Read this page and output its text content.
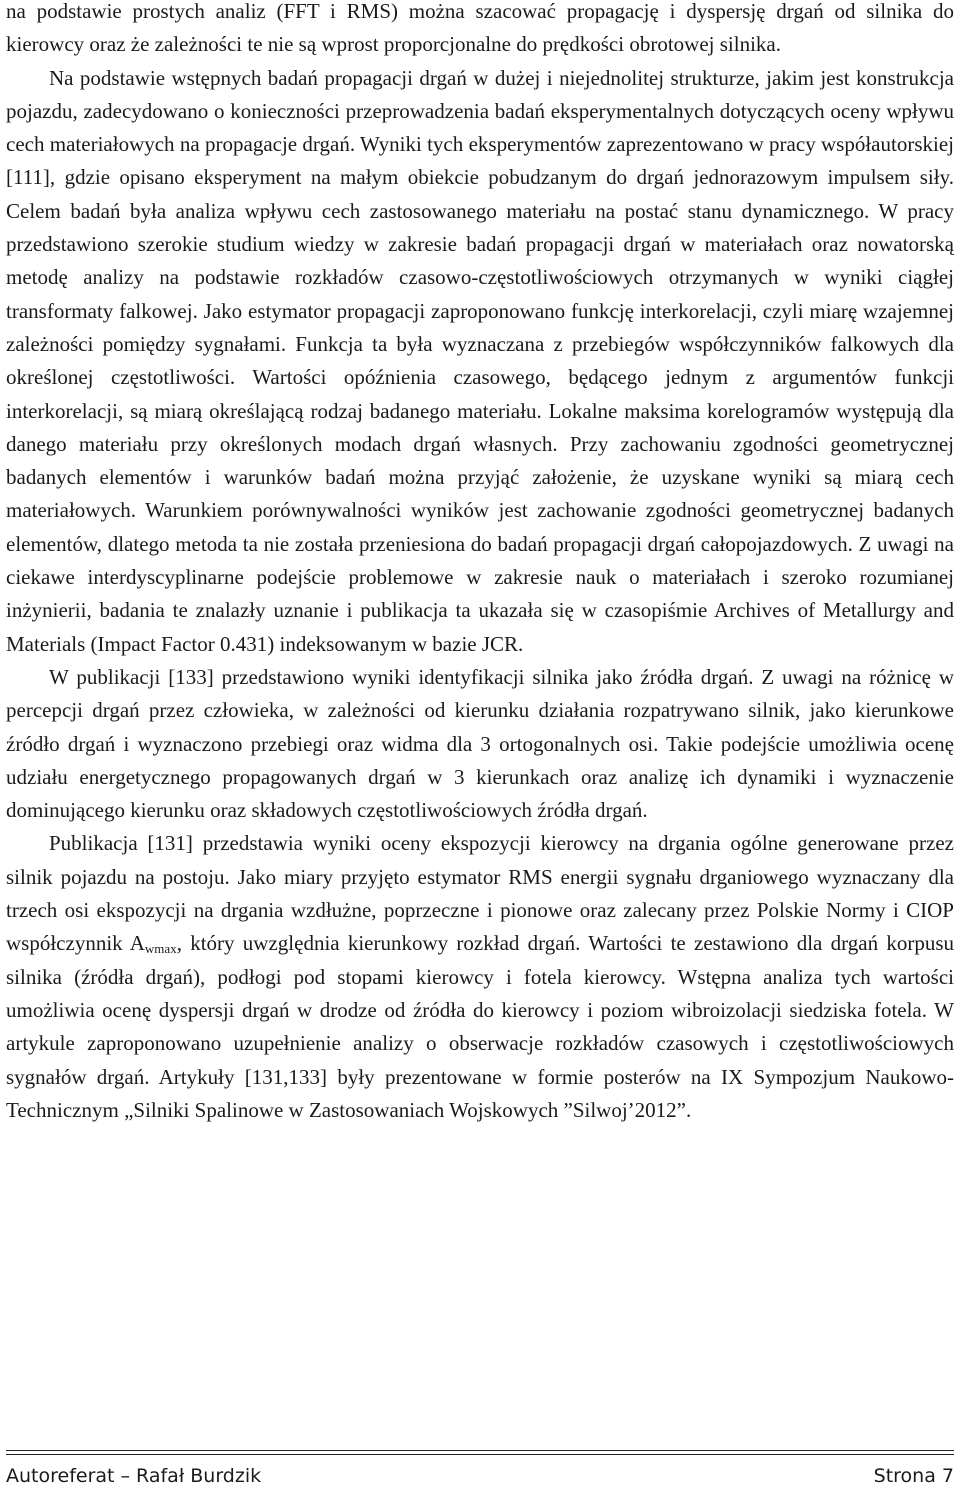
na podstawie prostych analiz (FFT i RMS) można szacować propagację i dyspersję drgań od silnika do kierowcy oraz że zależności te nie są wprost proporcjonalne do prędkości obrotowej silnika.

Na podstawie wstępnych badań propagacji drgań w dużej i niejednolitej strukturze, jakim jest konstrukcja pojazdu, zadecydowano o konieczności przeprowadzenia badań eksperymentalnych dotyczących oceny wpływu cech materiałowych na propagacje drgań. Wyniki tych eksperymentów zaprezentowano w pracy współautorskiej [111], gdzie opisano eksperyment na małym obiekcie pobudzanym do drgań jednorazowym impulsem siły. Celem badań była analiza wpływu cech zastosowanego materiału na postać stanu dynamicznego. W pracy przedstawiono szerokie studium wiedzy w zakresie badań propagacji drgań w materiałach oraz nowatorską metodę analizy na podstawie rozkładów czasowo-częstotliwościowych otrzymanych w wyniki ciągłej transformaty falkowej. Jako estymator propagacji zaproponowano funkcję interkorelacji, czyli miarę wzajemnej zależności pomiędzy sygnałami. Funkcja ta była wyznaczana z przebiegów współczynników falkowych dla określonej częstotliwości. Wartości opóźnienia czasowego, będącego jednym z argumentów funkcji interkorelacji, są miarą określającą rodzaj badanego materiału. Lokalne maksima korelogramów występują dla danego materiału przy określonych modach drgań własnych. Przy zachowaniu zgodności geometrycznej badanych elementów i warunków badań można przyjąć założenie, że uzyskane wyniki są miarą cech materiałowych. Warunkiem porównywalności wyników jest zachowanie zgodności geometrycznej badanych elementów, dlatego metoda ta nie została przeniesiona do badań propagacji drgań całopojazdowych. Z uwagi na ciekawe interdyscyplinarne podejście problemowe w zakresie nauk o materiałach i szeroko rozumianej inżynierii, badania te znalazły uznanie i publikacja ta ukazała się w czasopiśmie Archives of Metallurgy and Materials (Impact Factor 0.431) indeksowanym w bazie JCR.

W publikacji [133] przedstawiono wyniki identyfikacji silnika jako źródła drgań. Z uwagi na różnicę w percepcji drgań przez człowieka, w zależności od kierunku działania rozpatrywano silnik, jako kierunkowe źródło drgań i wyznaczono przebiegi oraz widma dla 3 ortogonalnych osi. Takie podejście umożliwia ocenę udziału energetycznego propagowanych drgań w 3 kierunkach oraz analizę ich dynamiki i wyznaczenie dominującego kierunku oraz składowych częstotliwościowych źródła drgań.

Publikacja [131] przedstawia wyniki oceny ekspozycji kierowcy na drgania ogólne generowane przez silnik pojazdu na postoju. Jako miary przyjęto estymator RMS energii sygnału drganiowego wyznaczany dla trzech osi ekspozycji na drgania wzdłużne, poprzeczne i pionowe oraz zalecany przez Polskie Normy i CIOP współczynnik $A_{wmax}$, który uwzględnia kierunkowy rozkład drgań. Wartości te zestawiono dla drgań korpusu silnika (źródła drgań), podłogi pod stopami kierowcy i fotela kierowcy. Wstępna analiza tych wartości umożliwia ocenę dyspersji drgań w drodze od źródła do kierowcy i poziom wibroizolacji siedziska fotela. W artykule zaproponowano uzupełnienie analizy o obserwacje rozkładów czasowych i częstotliwościowych sygnałów drgań. Artykuły [131,133] były prezentowane w formie posterów na IX Sympozjum Naukowo-Technicznym „Silniki Spalinowe w Zastosowaniach Wojskowych ”Silwoj’2012”.

Autoreferat – Rafał Burdzik	Strona 7
